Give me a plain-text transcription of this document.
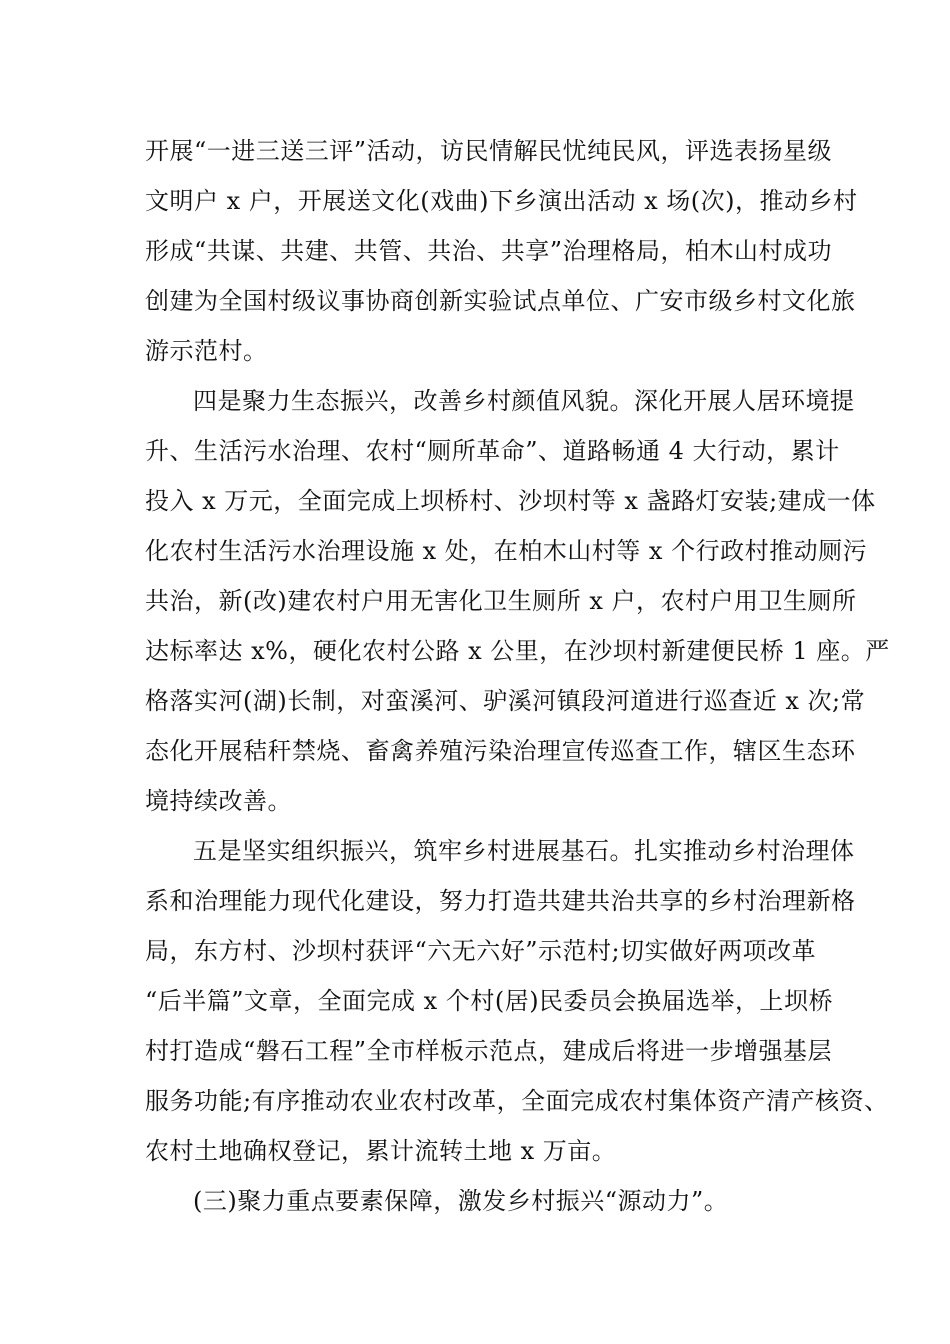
开展“一进三送三评”活动，访民情解民忧纯民风，评选表扬星级
文明户 x 户，开展送文化(戏曲)下乡演出活动 x 场(次)，推动乡村
形成“共谋、共建、共管、共治、共享”治理格局，柏木山村成功
创建为全国村级议事协商创新实验试点单位、广安市级乡村文化旅
游示范村。
四是聚力生态振兴，改善乡村颜值风貌。深化开展人居环境提
升、生活污水治理、农村“厕所革命”、道路畅通 4 大行动，累计
投入 x 万元，全面完成上坝桥村、沙坝村等 x 盏路灯安装;建成一体
化农村生活污水治理设施 x 处，在柏木山村等 x 个行政村推动厕污
共治，新(改)建农村户用无害化卫生厕所 x 户，农村户用卫生厕所
达标率达 x%，硬化农村公路 x 公里，在沙坝村新建便民桥 1 座。严
格落实河(湖)长制，对蛮溪河、驴溪河镇段河道进行巡查近 x 次;常
态化开展秸秆禁烧、畜禽养殖污染治理宣传巡查工作，辖区生态环
境持续改善。
五是坚实组织振兴，筑牢乡村进展基石。扎实推动乡村治理体
系和治理能力现代化建设，努力打造共建共治共享的乡村治理新格
局，东方村、沙坝村获评“六无六好”示范村;切实做好两项改革
“后半篇”文章，全面完成 x 个村(居)民委员会换届选举，上坝桥
村打造成“磐石工程”全市样板示范点，建成后将进一步增强基层
服务功能;有序推动农业农村改革，全面完成农村集体资产清产核资、
农村土地确权登记，累计流转土地 x 万亩。
(三)聚力重点要素保障，激发乡村振兴“源动力”。
